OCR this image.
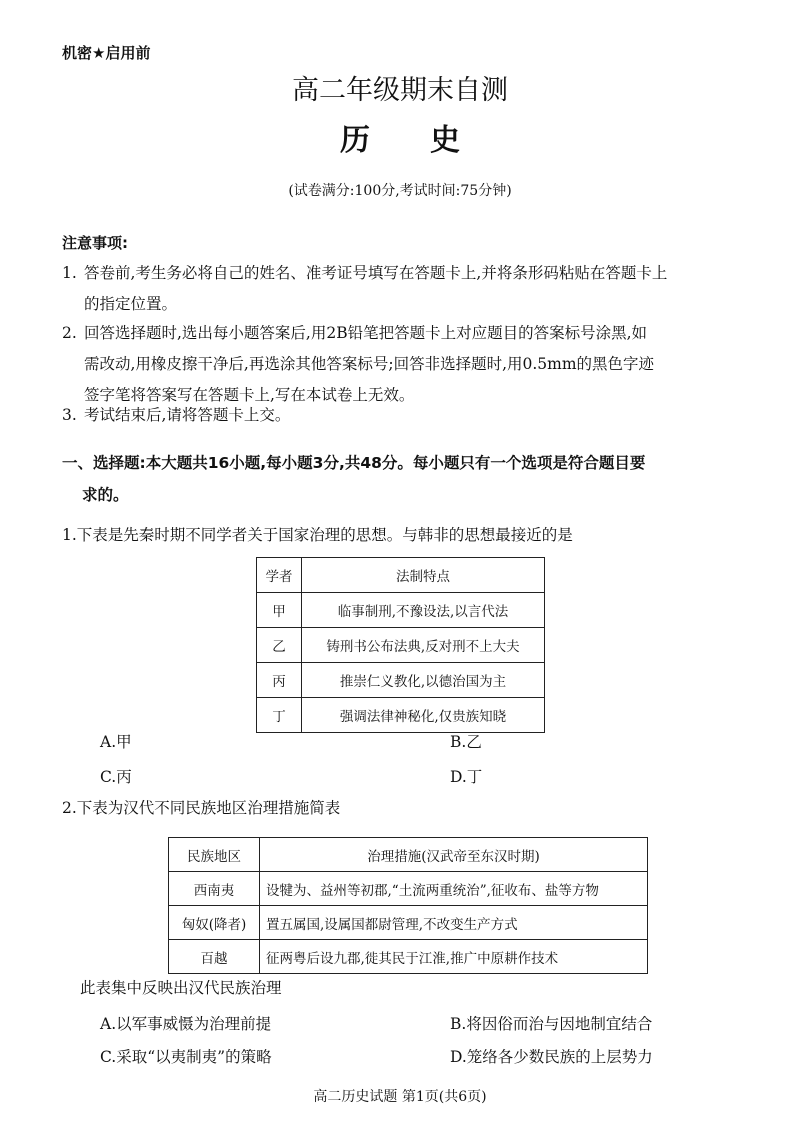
机密★启用前
高二年级期末自测
历史
(试卷满分:100分,考试时间:75分钟)
注意事项:
1. 答卷前,考生务必将自己的姓名、准考证号填写在答题卡上,并将条形码粘贴在答题卡上
的指定位置。
2. 回答选择题时,选出每小题答案后,用2B铅笔把答题卡上对应题目的答案标号涂黑,如
需改动,用橡皮擦干净后,再选涂其他答案标号;回答非选择题时,用0.5mm的黑色字迹
签字笔将答案写在答题卡上,写在本试卷上无效。
3. 考试结束后,请将答题卡上交。
一、选择题:本大题共16小题,每小题3分,共48分。每小题只有一个选项是符合题目要
求的。
1.下表是先秦时期不同学者关于国家治理的思想。与韩非的思想最接近的是
学者	法制特点
甲	临事制刑,不豫设法,以言代法
乙	铸刑书公布法典,反对刑不上大夫
丙	推崇仁义教化,以德治国为主
丁	强调法律神秘化,仅贵族知晓
A.甲	B.乙
C.丙	D.丁
2.下表为汉代不同民族地区治理措施简表
民族地区	治理措施(汉武帝至东汉时期)
西南夷	设犍为、益州等初郡,“土流两重统治”,征收布、盐等方物
匈奴(降者)	置五属国,设属国都尉管理,不改变生产方式
百越	征两粤后设九郡,徙其民于江淮,推广中原耕作技术
此表集中反映出汉代民族治理
A.以军事威慑为治理前提	B.将因俗而治与因地制宜结合
C.采取“以夷制夷”的策略	D.笼络各少数民族的上层势力
高二历史试题 第1页(共6页)
